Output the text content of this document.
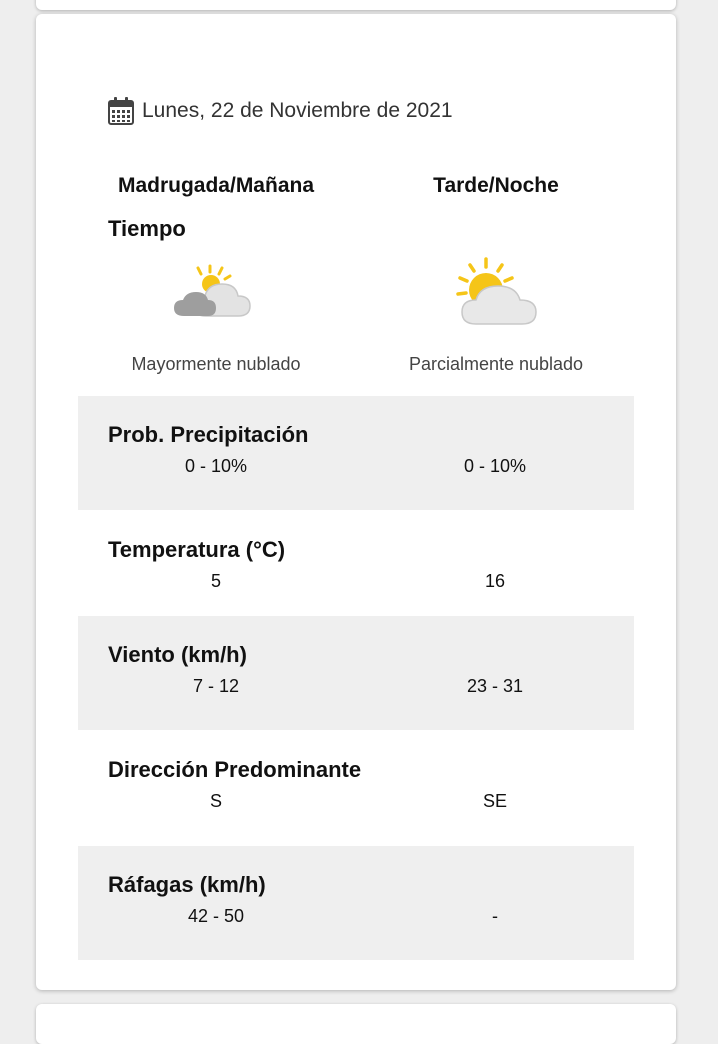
Lunes, 22 de Noviembre de 2021
Madrugada/Mañana	Tarde/Noche
Tiempo
Mayormente nublado	Parcialmente nublado
Prob. Precipitación
0 - 10%	0 - 10%
Temperatura (°C)
5	16
Viento (km/h)
7 - 12	23 - 31
Dirección Predominante
S	SE
Ráfagas (km/h)
42 - 50	-
